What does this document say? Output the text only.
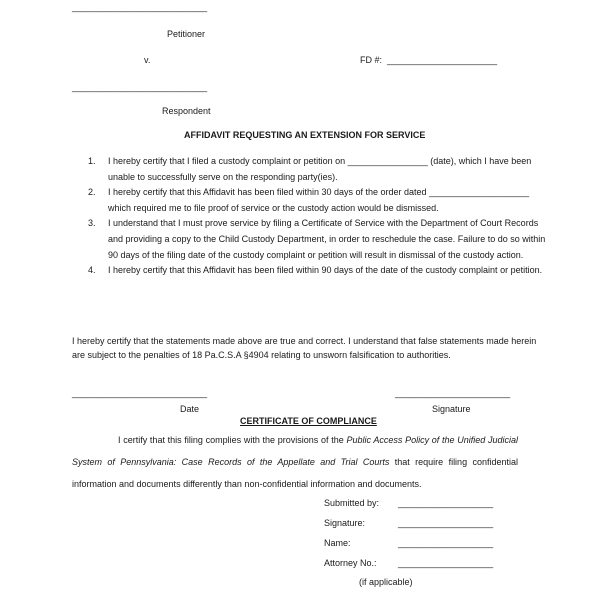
___________________________
Petitioner
v.	FD #: ______________________
___________________________
Respondent
AFFIDAVIT REQUESTING AN EXTENSION FOR SERVICE
1. I hereby certify that I filed a custody complaint or petition on ________________ (date), which I have been unable to successfully serve on the responding party(ies).
2. I hereby certify that this Affidavit has been filed within 30 days of the order dated ____________________ which required me to file proof of service or the custody action would be dismissed.
3. I understand that I must prove service by filing a Certificate of Service with the Department of Court Records and providing a copy to the Child Custody Department, in order to reschedule the case. Failure to do so within 90 days of the filing date of the custody complaint or petition will result in dismissal of the custody action.
4. I hereby certify that this Affidavit has been filed within 90 days of the date of the custody complaint or petition.
I hereby certify that the statements made above are true and correct. I understand that false statements made herein are subject to the penalties of 18 Pa.C.S.A §4904 relating to unsworn falsification to authorities.
___________________________
Date
_______________________
Signature
CERTIFICATE OF COMPLIANCE
I certify that this filing complies with the provisions of the Public Access Policy of the Unified Judicial System of Pennsylvania: Case Records of the Appellate and Trial Courts that require filing confidential information and documents differently than non-confidential information and documents.
Submitted by: ___________________
Signature:	___________________
Name:	___________________
Attorney No.: ___________________
(if applicable)
